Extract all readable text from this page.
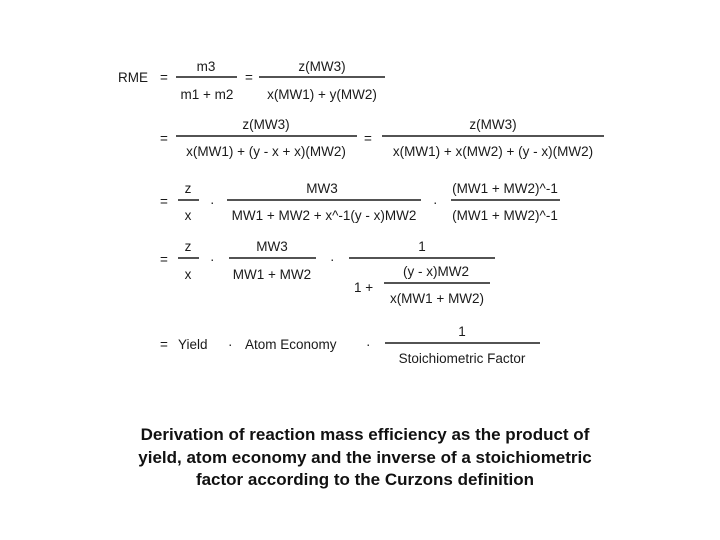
RME =
m3
m1 + m2
=
z(MW3)
x(MW1) + y(MW2)
=
z(MW3)
x(MW1) + (y - x + x)(MW2)
=
z(MW3)
x(MW1) + x(MW2) + (y - x)(MW2)
=
z
x
·
MW3
MW1 + MW2 + x^-1(y - x)MW2
·
(MW1 + MW2)^-1
(MW1 + MW2)^-1
=
z
x
·
MW3
MW1 + MW2
·
1
1 +
(y - x)MW2
x(MW1 + MW2)
= Yield · Atom Economy ·
1
Stoichiometric Factor
Derivation of reaction mass efficiency as the product of yield, atom economy and the inverse of a stoichiometric factor according to the Curzons definition
